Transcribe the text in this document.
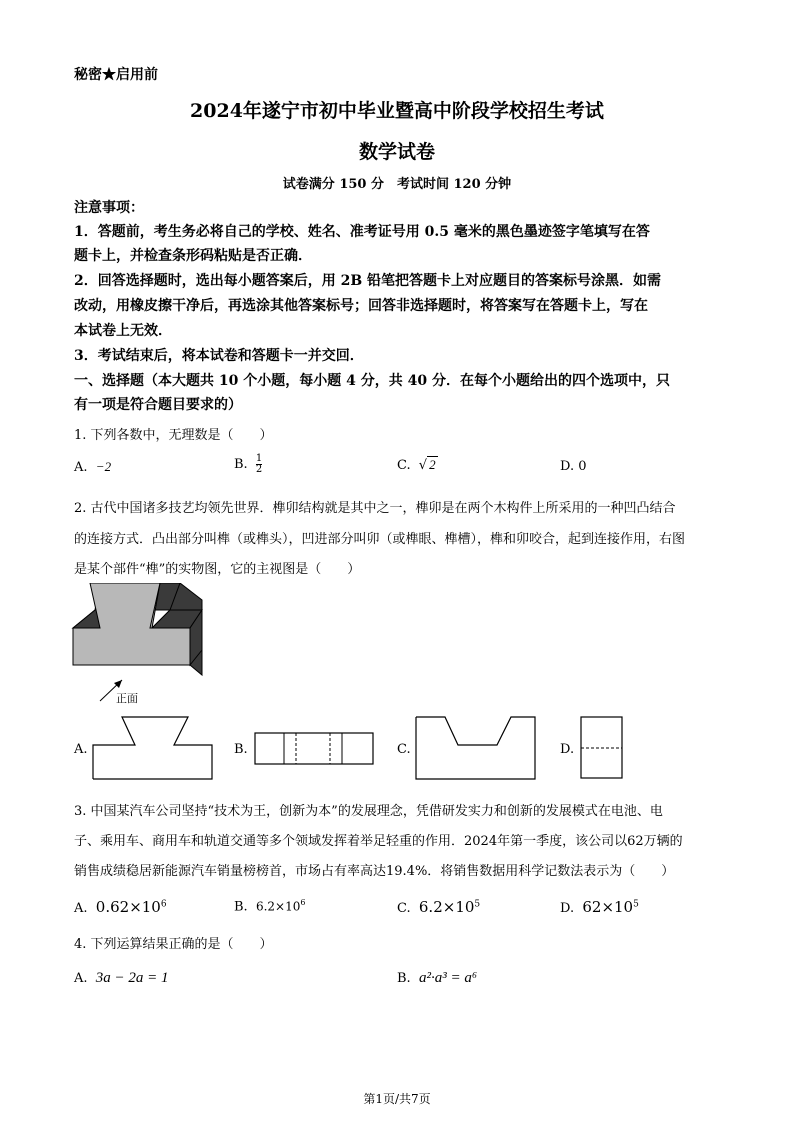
秘密★启用前
2024年遂宁市初中毕业暨高中阶段学校招生考试
数学试卷
试卷满分 150 分　考试时间 120 分钟
注意事项：
1．答题前，考生务必将自己的学校、姓名、准考证号用 0.5 毫米的黑色墨迹签字笔填写在答
题卡上，并检查条形码粘贴是否正确．
2．回答选择题时，选出每小题答案后，用 2B 铅笔把答题卡上对应题目的答案标号涂黑．如需
改动，用橡皮擦干净后，再选涂其他答案标号；回答非选择题时，将答案写在答题卡上，写在
本试卷上无效．
3．考试结束后，将本试卷和答题卡一并交回．
一、选择题（本大题共 10 个小题，每小题 4 分，共 40 分．在每个小题给出的四个选项中，只
有一项是符合题目要求的）
1. 下列各数中，无理数是（　　）
A. −2	B. $\frac{1}{2}$	C. √ 2	D. 0
2. 古代中国诸多技艺均领先世界．榫卯结构就是其中之一，榫卯是在两个木构件上所采用的一种凹凸结合
的连接方式．凸出部分叫榫（或榫头），凹进部分叫卯（或榫眼、榫槽），榫和卯咬合，起到连接作用，右图
是某个部件“榫”的实物图，它的主视图是（　　）
正面
A.	B.	C.	D.
3. 中国某汽车公司坚持“技术为王，创新为本”的发展理念，凭借研发实力和创新的发展模式在电池、电
子、乘用车、商用车和轨道交通等多个领域发挥着举足轻重的作用．2024年第一季度，该公司以62万辆的
销售成绩稳居新能源汽车销量榜榜首，市场占有率高达19.4%．将销售数据用科学记数法表示为（　　）
A. $0.62\times 10^6$	B. $6.2\times 10^6$	C. $6.2\times 10^5$	D. $62\times 10^5$
4. 下列运算结果正确的是（　　）
A. 3a − 2a = 1	B. a²·a³ = a⁶
第1页/共7页
